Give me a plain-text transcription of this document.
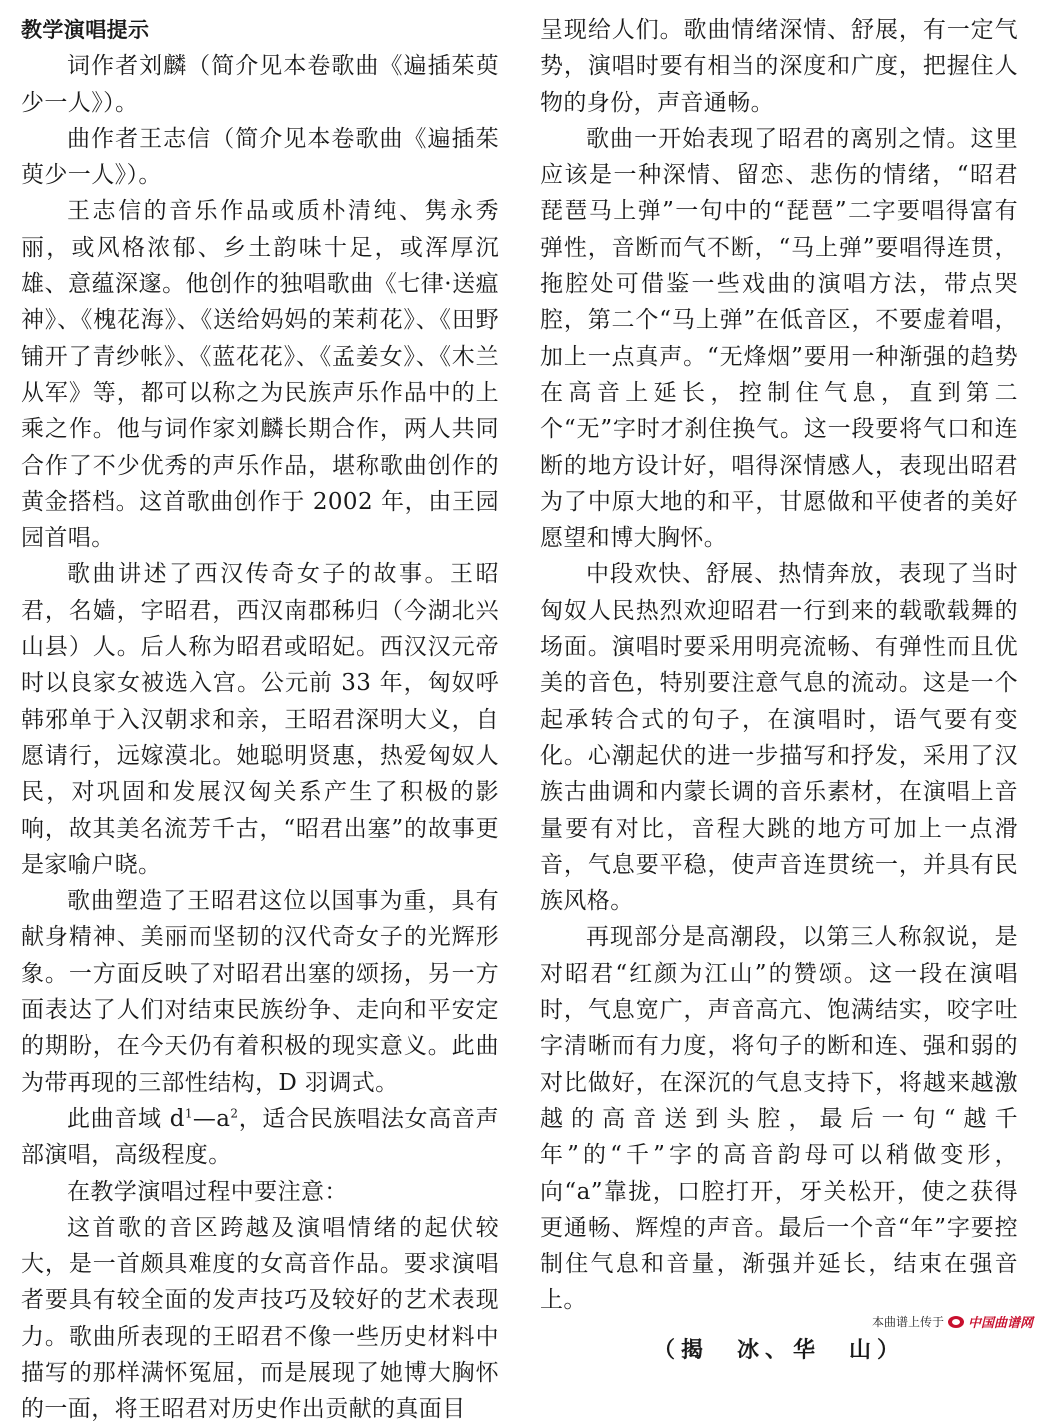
教学演唱提示

词作者刘麟（简介见本卷歌曲《遍插茱萸少一人》）。

曲作者王志信（简介见本卷歌曲《遍插茱萸少一人》）。

王志信的音乐作品或质朴清纯、隽永秀丽，或风格浓郁、乡土韵味十足，或浑厚沉雄、意蕴深邃。他创作的独唱歌曲《七律·送瘟神》、《槐花海》、《送给妈妈的茉莉花》、《田野铺开了青纱帐》、《蓝花花》、《孟姜女》、《木兰从军》等，都可以称之为民族声乐作品中的上乘之作。他与词作家刘麟长期合作，两人共同合作了不少优秀的声乐作品，堪称歌曲创作的黄金搭档。这首歌曲创作于 2002 年，由王园园首唱。

歌曲讲述了西汉传奇女子的故事。王昭君，名嫱，字昭君，西汉南郡秭归（今湖北兴山县）人。后人称为昭君或昭妃。西汉汉元帝时以良家女被选入宫。公元前 33 年，匈奴呼韩邪单于入汉朝求和亲，王昭君深明大义，自愿请行，远嫁漠北。她聪明贤惠，热爱匈奴人民，对巩固和发展汉匈关系产生了积极的影响，故其美名流芳千古，“昭君出塞”的故事更是家喻户晓。

歌曲塑造了王昭君这位以国事为重，具有献身精神、美丽而坚韧的汉代奇女子的光辉形象。一方面反映了对昭君出塞的颂扬，另一方面表达了人们对结束民族纷争、走向和平安定的期盼，在今天仍有着积极的现实意义。此曲为带再现的三部性结构，D 羽调式。

此曲音域 $d^1—a^2$，适合民族唱法女高音声部演唱，高级程度。

在教学演唱过程中要注意：

这首歌的音区跨越及演唱情绪的起伏较大，是一首颇具难度的女高音作品。要求演唱者要具有较全面的发声技巧及较好的艺术表现力。歌曲所表现的王昭君不像一些历史材料中描写的那样满怀冤屈，而是展现了她博大胸怀的一面，将王昭君对历史作出贡献的真面目

呈现给人们。歌曲情绪深情、舒展，有一定气势，演唱时要有相当的深度和广度，把握住人物的身份，声音通畅。

歌曲一开始表现了昭君的离别之情。这里应该是一种深情、留恋、悲伤的情绪，“昭君琵琶马上弹”一句中的“琵琶”二字要唱得富有弹性，音断而气不断，“马上弹”要唱得连贯，拖腔处可借鉴一些戏曲的演唱方法，带点哭腔，第二个“马上弹”在低音区，不要虚着唱，加上一点真声。“无烽烟”要用一种渐强的趋势在高音上延长，控制住气息，直到第二个“无”字时才刹住换气。这一段要将气口和连断的地方设计好，唱得深情感人，表现出昭君为了中原大地的和平，甘愿做和平使者的美好愿望和博大胸怀。

中段欢快、舒展、热情奔放，表现了当时匈奴人民热烈欢迎昭君一行到来的载歌载舞的场面。演唱时要采用明亮流畅、有弹性而且优美的音色，特别要注意气息的流动。这是一个起承转合式的句子，在演唱时，语气要有变化。心潮起伏的进一步描写和抒发，采用了汉族古曲调和内蒙长调的音乐素材，在演唱上音量要有对比，音程大跳的地方可加上一点滑音，气息要平稳，使声音连贯统一，并具有民族风格。

再现部分是高潮段，以第三人称叙说，是对昭君“红颜为江山”的赞颂。这一段在演唱时，气息宽广，声音高亢、饱满结实，咬字吐字清晰而有力度，将句子的断和连、强和弱的对比做好，在深沉的气息支持下，将越来越激越的高音送到头腔，最后一句“越千年”的“千”字的高音韵母可以稍做变形，向“a”靠拢，口腔打开，牙关松开，使之获得更通畅、辉煌的声音。最后一个音“年”字要控制住气息和音量，渐强并延长，结束在强音上。

（揭　冰、华　山）
本曲谱上传于 中国曲谱网
